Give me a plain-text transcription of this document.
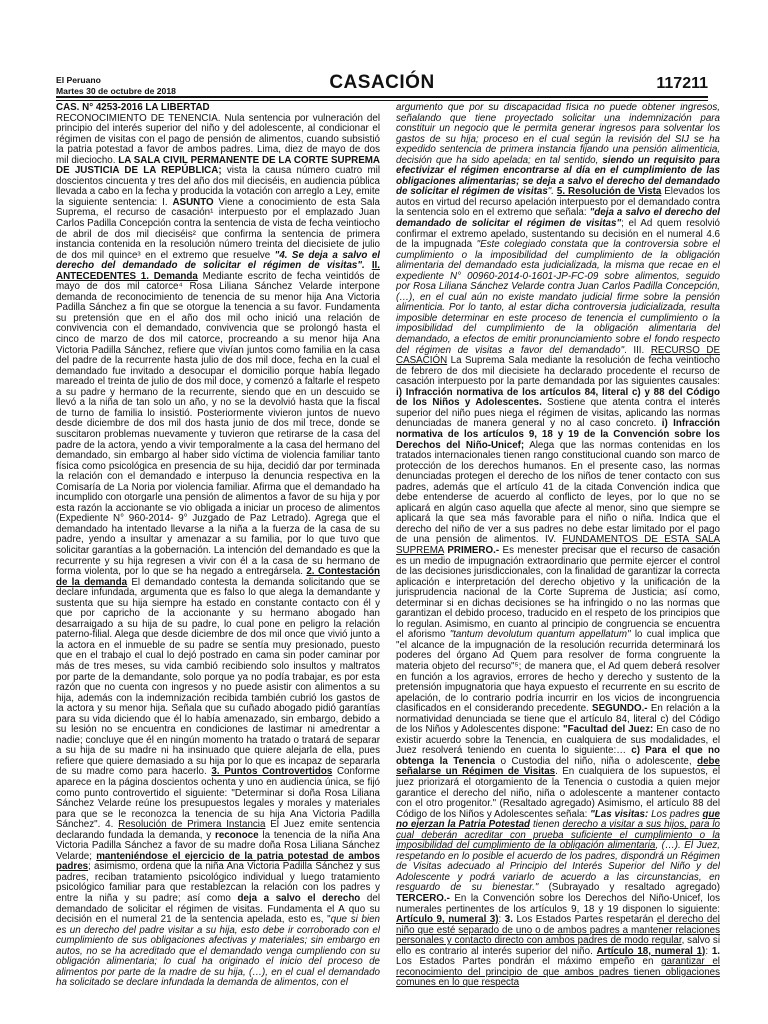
El Peruano
Martes 30 de octubre de 2018	CASACIÓN	117211

CAS. N° 4253-2016 LA LIBERTAD
RECONOCIMIENTO DE TENENCIA. Nula sentencia por vulneración del principio del interés superior del niño y del adolescente, al condicionar el régimen de visitas con el pago de pensión de alimentos, cuando subsistió la patria potestad a favor de ambos padres. Lima, diez de mayo de dos mil dieciocho. LA SALA CIVIL PERMANENTE DE LA CORTE SUPREMA DE JUSTICIA DE LA REPÚBLICA; vista la causa número cuatro mil doscientos cincuenta y tres del año dos mil dieciséis, en audiencia pública llevada a cabo en la fecha y producida la votación con arreglo a Ley, emite la siguiente sentencia: I. ASUNTO Viene a conocimiento de esta Sala Suprema, el recurso de casación¹ interpuesto por el emplazado Juan Carlos Padilla Concepción contra la sentencia de vista de fecha veintiocho de abril de dos mil dieciséis² que confirma la sentencia de primera instancia contenida en la resolución número treinta del diecisiete de julio de dos mil quince³ en el extremo que resuelve "4. Se deja a salvo el derecho del demandado de solicitar el régimen de visitas". II. ANTECEDENTES 1. Demanda Mediante escrito de fecha veintidós de mayo de dos mil catorce⁴ Rosa Liliana Sánchez Velarde interpone demanda de reconocimiento de tenencia de su menor hija Ana Victoria Padilla Sánchez a fin que se otorgue la tenencia a su favor. Fundamenta su pretensión que en el año dos mil ocho inició una relación de convivencia con el demandado, convivencia que se prolongó hasta el cinco de marzo de dos mil catorce, procreando a su menor hija Ana Victoria Padilla Sánchez, refiere que vivían juntos como familia en la casa del padre de la recurrente hasta julio de dos mil doce, fecha en la cual el demandado fue invitado a desocupar el domicilio porque había llegado mareado el treinta de julio de dos mil doce, y comenzó a faltarle el respeto a su padre y hermano de la recurrente, siendo que en un descuido se llevó a la niña de tan solo un año, y no se la devolvió hasta que la fiscal de turno de familia lo insistió. Posteriormente vivieron juntos de nuevo desde diciembre de dos mil dos hasta junio de dos mil trece, donde se suscitaron problemas nuevamente y tuvieron que retirarse de la casa del padre de la actora, yendo a vivir temporalmente a la casa del hermano del demandado, sin embargo al haber sido víctima de violencia familiar tanto física como psicológica en presencia de su hija, decidió dar por terminada la relación con el demandado e interpuso la denuncia respectiva en la Comisaría de La Noria por violencia familiar. Afirma que el demandado ha incumplido con otorgarle una pensión de alimentos a favor de su hija y por esta razón la accionante se vio obligada a iniciar un proceso de alimentos (Expediente N° 960-2014- 9° Juzgado de Paz Letrado). Agrega que el demandado ha intentado llevarse a la niña a la fuerza de la casa de su padre, yendo a insultar y amenazar a su familia, por lo que tuvo que solicitar garantías a la gobernación. La intención del demandado es que la recurrente y su hija regresen a vivir con él a la casa de su hermano de forma violenta, por lo que se ha negado a entregársela. 2. Contestación de la demanda El demandado contesta la demanda solicitando que se declare infundada, argumenta que es falso lo que alega la demandante y sustenta que su hija siempre ha estado en constante contacto con él y que por capricho de la accionante y su hermano abogado han desarraigado a su hija de su padre, lo cual pone en peligro la relación paterno-filial. Alega que desde diciembre de dos mil once que vivió junto a la actora en el inmueble de su padre se sentía muy presionado, puesto que en el trabajo el cual lo dejó postrado en cama sin poder caminar por más de tres meses, su vida cambió recibiendo solo insultos y maltratos por parte de la demandante, solo porque ya no podía trabajar, es por esta razón que no cuenta con ingresos y no puede asistir con alimentos a su hija, además con la indemnización recibida también cubrió los gastos de la actora y su menor hija. Señala que su cuñado abogado pidió garantías para su vida diciendo que él lo había amenazado, sin embargo, debido a su lesión no se encuentra en condiciones de lastimar ni amedrentar a nadie; concluye que él en ningún momento ha tratado o tratará de separar a su hija de su madre ni ha insinuado que quiere alejarla de ella, pues refiere que quiere demasiado a su hija por lo que es incapaz de separarla de su madre como para hacerlo. 3. Puntos Controvertidos Conforme aparece en la página doscientos ochenta y uno en audiencia única, se fijó como punto controvertido el siguiente: "Determinar si doña Rosa Liliana Sánchez Velarde reúne los presupuestos legales y morales y materiales para que se le reconozca la tenencia de su hija Ana Victoria Padilla Sánchez". 4. Resolución de Primera Instancia El Juez emite sentencia declarando fundada la demanda, y reconoce la tenencia de la niña Ana Victoria Padilla Sánchez a favor de su madre doña Rosa Liliana Sánchez Velarde; manteniéndose el ejercicio de la patria potestad de ambos padres; asimismo, ordena que la niña Ana Victoria Padilla Sánchez y sus padres, reciban tratamiento psicológico individual y luego tratamiento psicológico familiar para que restablezcan la relación con los padres y entre la niña y su padre; así como deja a salvo el derecho del demandado de solicitar el régimen de visitas. Fundamenta el A quo su decisión en el numeral 21 de la sentencia apelada, esto es, "que si bien es un derecho del padre visitar a su hija, esto debe ir corroborado con el cumplimiento de sus obligaciones afectivas y materiales; sin embargo en autos, no se ha acreditado que el demandado venga cumpliendo con su obligación alimentaria; lo cual ha originado el inicio del proceso de alimentos por parte de la madre de su hija, (…), en el cual el demandado ha solicitado se declare infundada la demanda de alimentos, con el

argumento que por su discapacidad física no puede obtener ingresos, señalando que tiene proyectado solicitar una indemnización para constituir un negocio que le permita generar ingresos para solventar los gastos de su hija; proceso en el cual según la revisión del SIJ se ha expedido sentencia de primera instancia fijando una pensión alimenticia, decisión que ha sido apelada; en tal sentido, siendo un requisito para efectivizar el régimen encontrarse al día en el cumplimiento de las obligaciones alimentarias; se deja a salvo el derecho del demandado de solicitar el régimen de visitas". 5. Resolución de Vista Elevados los autos en virtud del recurso apelación interpuesto por el demandado contra la sentencia solo en el extremo que señala: "deja a salvo el derecho del demandado de solicitar el régimen de visitas"; el Ad quem resolvió confirmar el extremo apelado, sustentando su decisión en el numeral 4.6 de la impugnada "Este colegiado constata que la controversia sobre el cumplimiento o la imposibilidad del cumplimiento de la obligación alimentaria del demandado esta judicializada, la misma que recae en el expediente N° 00960-2014-0-1601-JP-FC-09 sobre alimentos, seguido por Rosa Liliana Sánchez Velarde contra Juan Carlos Padilla Concepción, (…), en el cual aún no existe mandato judicial firme sobre la pensión alimenticia. Por lo tanto, al estar dicha controversia judicializada, resulta imposible determinar en este proceso de tenencia el cumplimiento o la imposibilidad del cumplimiento de la obligación alimentaria del demandado, a efectos de emitir pronunciamiento sobre el fondo respecto del régimen de visitas a favor del demandado". III. RECURSO DE CASACIÓN La Suprema Sala mediante la resolución de fecha veintiocho de febrero de dos mil diecisiete ha declarado procedente el recurso de casación interpuesto por la parte demandada por las siguientes causales: i) Infracción normativa de los artículos 84, literal c) y 88 del Código de los Niños y Adolescentes. Sostiene que atenta contra el interés superior del niño pues niega el régimen de visitas, aplicando las normas denunciadas de manera general y no al caso concreto. i) Infracción normativa de los artículos 9, 18 y 19 de la Convención sobre los Derechos del Niño-Unicef; Alega que las normas contenidas en los tratados internacionales tienen rango constitucional cuando son marco de protección de los derechos humanos. En el presente caso, las normas denunciadas protegen el derecho de los niños de tener contacto con sus padres, además que el artículo 41 de la citada Convención indica que debe entenderse de acuerdo al conflicto de leyes, por lo que no se aplicará en algún caso aquella que afecte al menor, sino que siempre se aplicará la que sea más favorable para el niño o niña. Indica que el derecho del niño de ver a sus padres no debe estar limitado por el pago de una pensión de alimentos. IV. FUNDAMENTOS DE ESTA SALA SUPREMA PRIMERO.- Es menester precisar que el recurso de casación es un medio de impugnación extraordinario que permite ejercer el control de las decisiones jurisdiccionales, con la finalidad de garantizar la correcta aplicación e interpretación del derecho objetivo y la unificación de la jurisprudencia nacional de la Corte Suprema de Justicia; así como, determinar si en dichas decisiones se ha infringido o no las normas que garantizan el debido proceso, traducido en el respeto de los principios que lo regulan. Asimismo, en cuanto al principio de congruencia se encuentra el aforismo "tantum devolutum quantum appellatum" lo cual implica que "el alcance de la impugnación de la resolución recurrida determinará los poderes del órgano Ad Quem para resolver de forma congruente la materia objeto del recurso"⁵; de manera que, el Ad quem deberá resolver en función a los agravios, errores de hecho y derecho y sustento de la pretensión impugnatoria que haya expuesto el recurrente en su escrito de apelación, de lo contrario podría incurrir en los vicios de incongruencia clasificados en el considerando precedente. SEGUNDO.- En relación a la normatividad denunciada se tiene que el artículo 84, literal c) del Código de los Niños y Adolescentes dispone: "Facultad del Juez: En caso de no existir acuerdo sobre la Tenencia, en cualquiera de sus modalidades, el Juez resolverá teniendo en cuenta lo siguiente:… c) Para el que no obtenga la Tenencia o Custodia del niño, niña o adolescente, debe señalarse un Régimen de Visitas. En cualquiera de los supuestos, el juez priorizará el otorgamiento de la Tenencia o custodia a quien mejor garantice el derecho del niño, niña o adolescente a mantener contacto con el otro progenitor." (Resaltado agregado) Asimismo, el artículo 88 del Código de los Niños y Adolescentes señala: "Las visitas: Los padres que no ejerzan la Patria Potestad tienen derecho a visitar a sus hijos, para lo cual deberán acreditar con prueba suficiente el cumplimiento o la imposibilidad del cumplimiento de la obligación alimentaria, (…). El Juez, respetando en lo posible el acuerdo de los padres, dispondrá un Régimen de Visitas adecuado al Principio del Interés Superior del Niño y del Adolescente y podrá variarlo de acuerdo a las circunstancias, en resguardo de su bienestar." (Subrayado y resaltado agregado) TERCERO.- En la Convención sobre los Derechos del Niño-Unicef, los numerales pertinentes de los artículos 9, 18 y 19 disponen lo siguiente: Artículo 9, numeral 3): 3. Los Estados Partes respetarán el derecho del niño que esté separado de uno o de ambos padres a mantener relaciones personales y contacto directo con ambos padres de modo regular, salvo si ello es contrario al interés superior del niño. Artículo 18, numeral 1): 1. Los Estados Partes pondrán el máximo empeño en garantizar el reconocimiento del principio de que ambos padres tienen obligaciones comunes en lo que respecta
